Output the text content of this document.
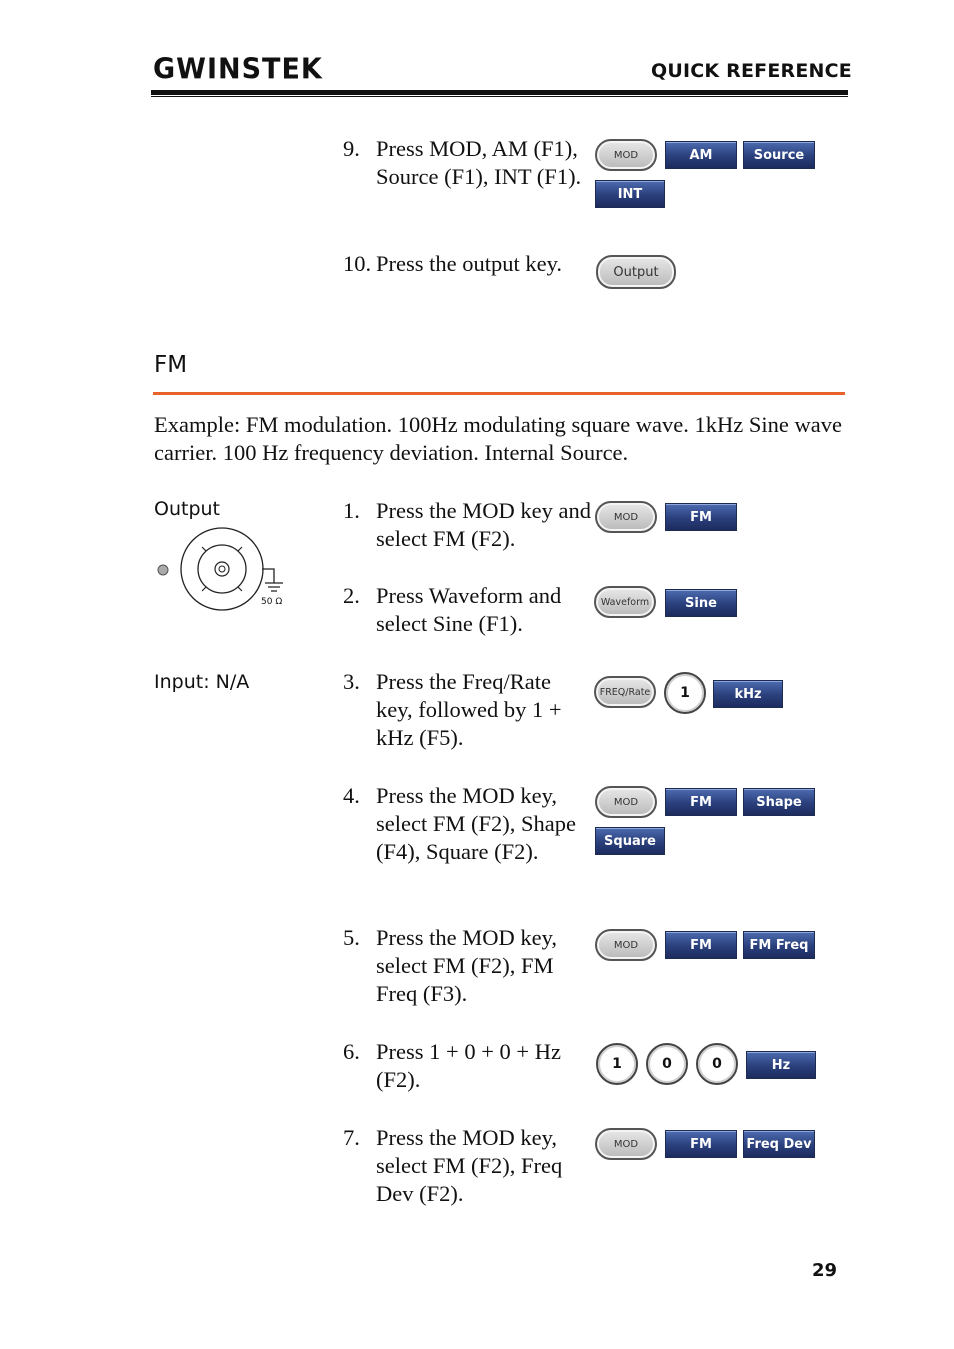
GWINSTEK	QUICK REFERENCE
9. Press MOD, AM (F1), Source (F1), INT (F1).
MOD	AM	Source
INT
10. Press the output key.	Output
FM
Example: FM modulation. 100Hz modulating square wave. 1kHz Sine wave carrier. 100 Hz frequency deviation. Internal Source.
Output
50 Ω
Input: N/A
1. Press the MOD key and select FM (F2).
MOD	FM
2. Press Waveform and select Sine (F1).
Waveform	Sine
3. Press the Freq/Rate key, followed by 1 + kHz (F5).
FREQ/Rate	1	kHz
4. Press the MOD key, select FM (F2), Shape (F4), Square (F2).
MOD	FM	Shape
Square
5. Press the MOD key, select FM (F2), FM Freq (F3).
MOD	FM	FM Freq
6. Press 1 + 0 + 0 + Hz (F2).
1	0	0	Hz
7. Press the MOD key, select FM (F2), Freq Dev (F2).
MOD	FM	Freq Dev
29
